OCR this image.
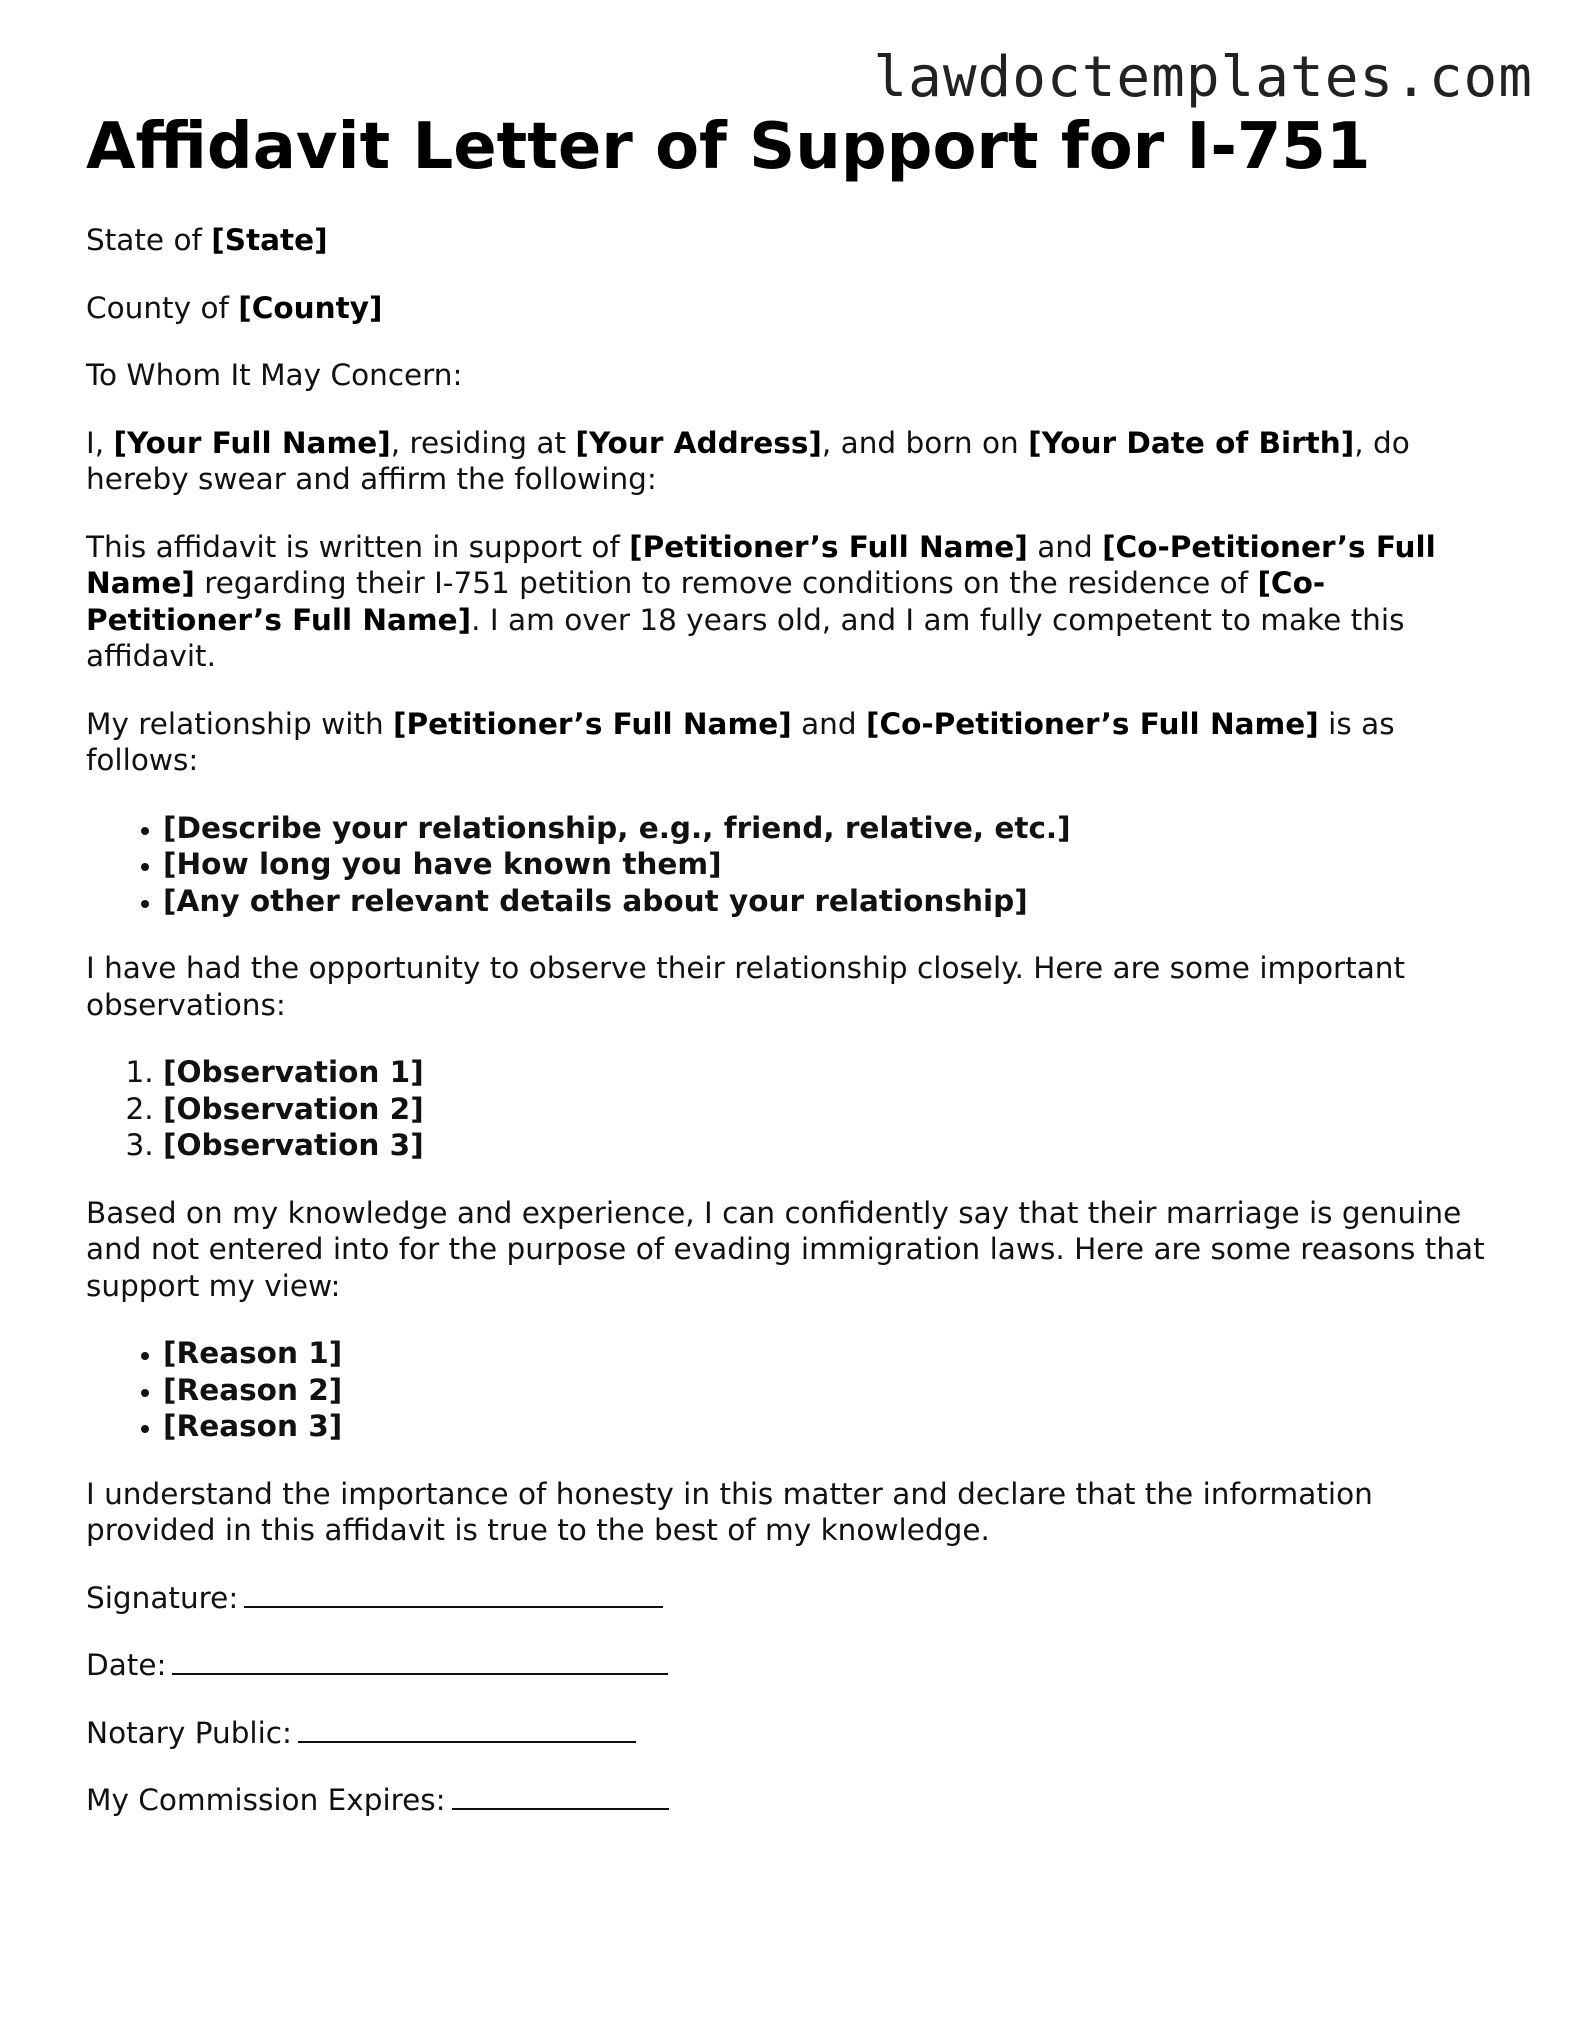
lawdoctemplates.com
Affidavit Letter of Support for I-751

State of [State]

County of [County]

To Whom It May Concern:

I, [Your Full Name], residing at [Your Address], and born on [Your Date of Birth], do hereby swear and affirm the following:

This affidavit is written in support of [Petitioner’s Full Name] and [Co-Petitioner’s Full Name] regarding their I-751 petition to remove conditions on the residence of [Co-Petitioner’s Full Name]. I am over 18 years old, and I am fully competent to make this affidavit.

My relationship with [Petitioner’s Full Name] and [Co-Petitioner’s Full Name] is as follows:

• [Describe your relationship, e.g., friend, relative, etc.]
• [How long you have known them]
• [Any other relevant details about your relationship]

I have had the opportunity to observe their relationship closely. Here are some important observations:

1. [Observation 1]
2. [Observation 2]
3. [Observation 3]

Based on my knowledge and experience, I can confidently say that their marriage is genuine and not entered into for the purpose of evading immigration laws. Here are some reasons that support my view:

• [Reason 1]
• [Reason 2]
• [Reason 3]

I understand the importance of honesty in this matter and declare that the information provided in this affidavit is true to the best of my knowledge.

Signature:

Date:

Notary Public:

My Commission Expires:
